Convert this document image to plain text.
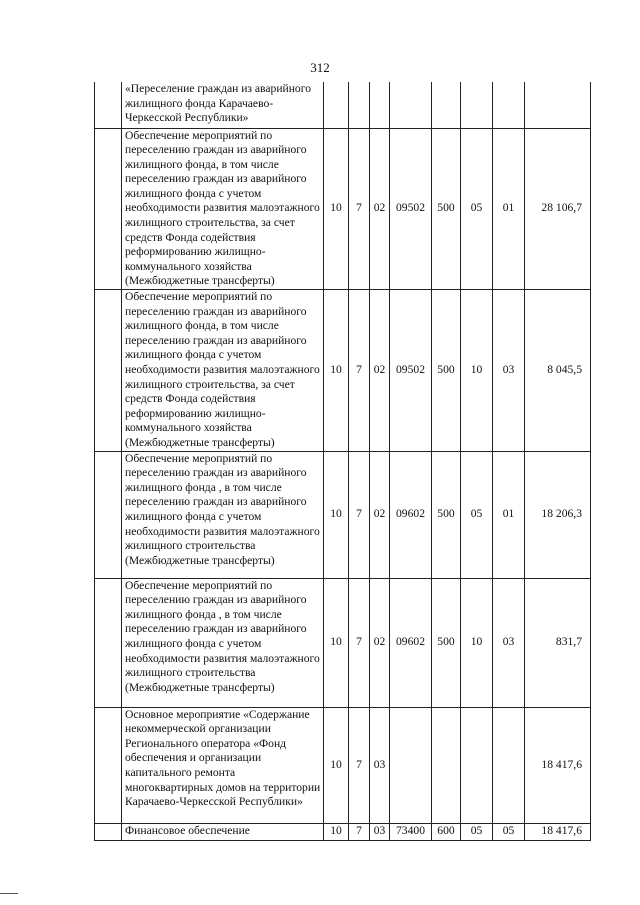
312
	«Переселение граждан из аварийного жилищного фонда Карачаево-Черкесской Республики»								
	Обеспечение мероприятий по переселению граждан из аварийного жилищного фонда, в том числе переселению граждан из аварийного жилищного фонда с учетом необходимости развития малоэтажного жилищного строительства, за счет средств Фонда содействия реформированию жилищно-коммунального хозяйства (Межбюджетные трансферты)	10	7	02	09502	500	05	01	28 106,7
	Обеспечение мероприятий по переселению граждан из аварийного жилищного фонда, в том числе переселению граждан из аварийного жилищного фонда с учетом необходимости развития малоэтажного жилищного строительства, за счет средств Фонда содействия реформированию жилищно-коммунального хозяйства (Межбюджетные трансферты)	10	7	02	09502	500	10	03	8 045,5
	Обеспечение мероприятий по переселению граждан из аварийного жилищного фонда , в том числе переселению граждан из аварийного жилищного фонда с учетом необходимости развития малоэтажного жилищного строительства (Межбюджетные трансферты)	10	7	02	09602	500	05	01	18 206,3
	Обеспечение мероприятий по переселению граждан из аварийного жилищного фонда , в том числе переселению граждан из аварийного жилищного фонда с учетом необходимости развития малоэтажного жилищного строительства (Межбюджетные трансферты)	10	7	02	09602	500	10	03	831,7
	Основное мероприятие «Содержание некоммерческой организации Регионального оператора «Фонд обеспечения и организации капитального ремонта многоквартирных домов на территории Карачаево-Черкесской Республики»	10	7	03					18 417,6
	Финансовое обеспечение	10	7	03	73400	600	05	05	18 417,6
